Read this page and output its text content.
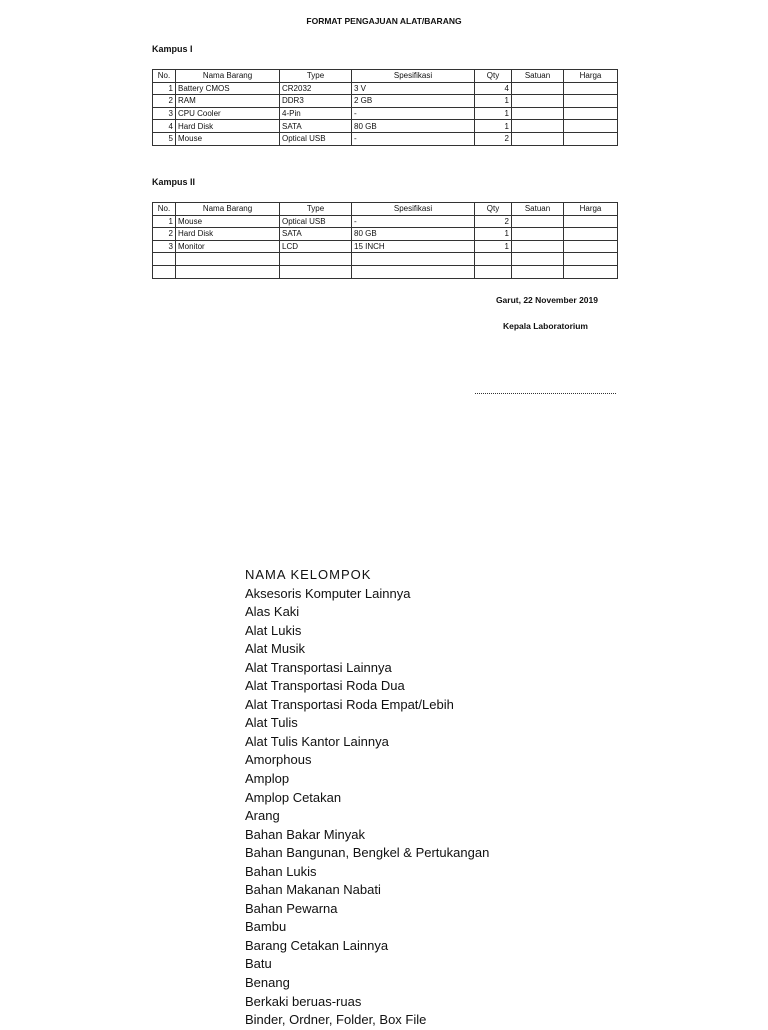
FORMAT PENGAJUAN ALAT/BARANG
Kampus I
No.	Nama Barang	Type	Spesifikasi	Qty	Satuan	Harga
1	Battery CMOS	CR2032	3 V	4		
2	RAM	DDR3	2 GB	1		
3	CPU Cooler	4-Pin	-	1		
4	Hard Disk	SATA	80 GB	1		
5	Mouse	Optical USB	-	2		
Kampus II
No.	Nama Barang	Type	Spesifikasi	Qty	Satuan	Harga
1	Mouse	Optical USB	-	2		
2	Hard Disk	SATA	80 GB	1		
3	Monitor	LCD	15 INCH	1		

Garut, 22 November 2019
Kepala Laboratorium
NAMA KELOMPOK
Aksesoris Komputer Lainnya
Alas Kaki
Alat Lukis
Alat Musik
Alat Transportasi Lainnya
Alat Transportasi Roda Dua
Alat Transportasi Roda Empat/Lebih
Alat Tulis
Alat Tulis Kantor Lainnya
Amorphous
Amplop
Amplop Cetakan
Arang
Bahan Bakar Minyak
Bahan Bangunan, Bengkel & Pertukangan
Bahan Lukis
Bahan Makanan Nabati
Bahan Pewarna
Bambu
Barang Cetakan Lainnya
Batu
Benang
Berkaki beruas-ruas
Binder, Ordner, Folder, Box File
